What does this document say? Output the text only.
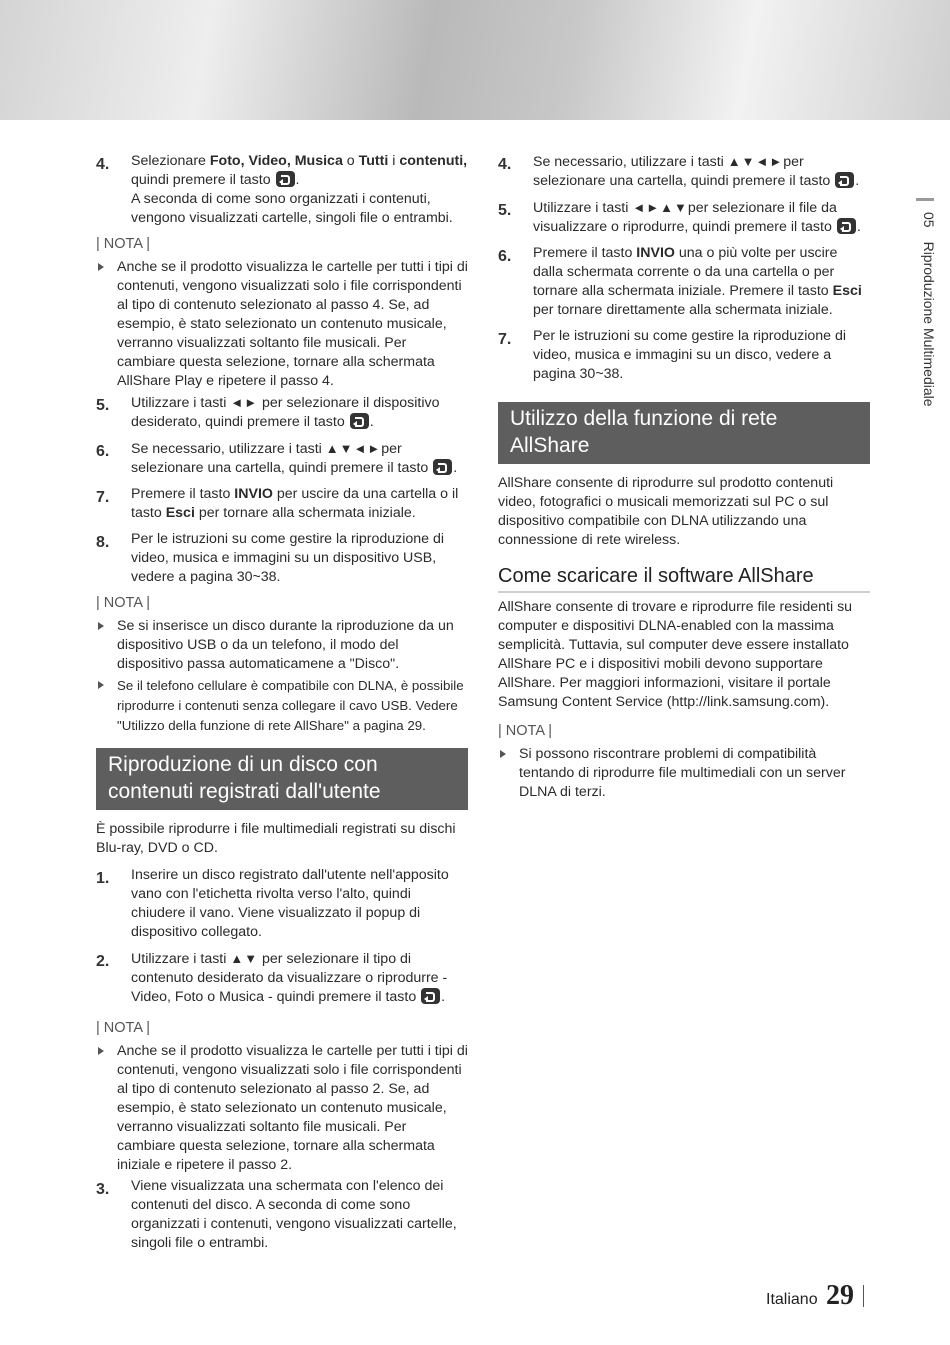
05Riproduzione Multimediale
4. Selezionare Foto, Video, Musica o Tutti i contenuti, quindi premere il tasto .
A seconda di come sono organizzati i contenuti, vengono visualizzati cartelle, singoli file o entrambi.

| NOTA |
Anche se il prodotto visualizza le cartelle per tutti i tipi di contenuti, vengono visualizzati solo i file corrispondenti al tipo di contenuto selezionato al passo 4. Se, ad esempio, è stato selezionato un contenuto musicale, verranno visualizzati soltanto file musicali. Per cambiare questa selezione, tornare alla schermata AllShare Play e ripetere il passo 4.
5. Utilizzare i tasti ◄► per selezionare il dispositivo desiderato, quindi premere il tasto .

6. Se necessario, utilizzare i tasti ▲▼◄►per selezionare una cartella, quindi premere il tasto .

7. Premere il tasto INVIO per uscire da una cartella o il tasto Esci per tornare alla schermata iniziale.

8. Per le istruzioni su come gestire la riproduzione di video, musica e immagini su un dispositivo USB, vedere a pagina 30~38.

| NOTA |
Se si inserisce un disco durante la riproduzione da un dispositivo USB o da un telefono, il modo del dispositivo passa automaticamene a "Disco".
Se il telefono cellulare è compatibile con DLNA, è possibile riprodurre i contenuti senza collegare il cavo USB. Vedere "Utilizzo della funzione di rete AllShare" a pagina 29.
Riproduzione di un disco con contenuti registrati dall'utente

È possibile riprodurre i file multimediali registrati su dischi Blu-ray, DVD o CD.

1. Inserire un disco registrato dall'utente nell'apposito vano con l'etichetta rivolta verso l'alto, quindi chiudere il vano. Viene visualizzato il popup di dispositivo collegato.

2. Utilizzare i tasti ▲▼ per selezionare il tipo di contenuto desiderato da visualizzare o riprodurre -Video, Foto o Musica - quindi premere il tasto .

| NOTA |
Anche se il prodotto visualizza le cartelle per tutti i tipi di contenuti, vengono visualizzati solo i file corrispondenti al tipo di contenuto selezionato al passo 2. Se, ad esempio, è stato selezionato un contenuto musicale, verranno visualizzati soltanto file musicali. Per cambiare questa selezione, tornare alla schermata iniziale e ripetere il passo 2.
3. Viene visualizzata una schermata con l'elenco dei contenuti del disco. A seconda di come sono organizzati i contenuti, vengono visualizzati cartelle, singoli file o entrambi.

4. Se necessario, utilizzare i tasti ▲▼◄►per selezionare una cartella, quindi premere il tasto .

5. Utilizzare i tasti ◄►▲▼per selezionare il file da visualizzare o riprodurre, quindi premere il tasto .

6. Premere il tasto INVIO una o più volte per uscire dalla schermata corrente o da una cartella o per tornare alla schermata iniziale. Premere il tasto Esci per tornare direttamente alla schermata iniziale.

7. Per le istruzioni su come gestire la riproduzione di video, musica e immagini su un disco, vedere a pagina 30~38.

Utilizzo della funzione di rete AllShare

AllShare consente di riprodurre sul prodotto contenuti video, fotografici o musicali memorizzati sul PC o sul dispositivo compatibile con DLNA utilizzando una connessione di rete wireless.

Come scaricare il software AllShare

AllShare consente di trovare e riprodurre file residenti su computer e dispositivi DLNA-enabled con la massima semplicità. Tuttavia, sul computer deve essere installato AllShare PC e i dispositivi mobili devono supportare AllShare. Per maggiori informazioni, visitare il portale Samsung Content Service (http://link.samsung.com).

| NOTA |
Si possono riscontrare problemi di compatibilità tentando di riprodurre file multimediali con un server DLNA di terzi.
Italiano 29
